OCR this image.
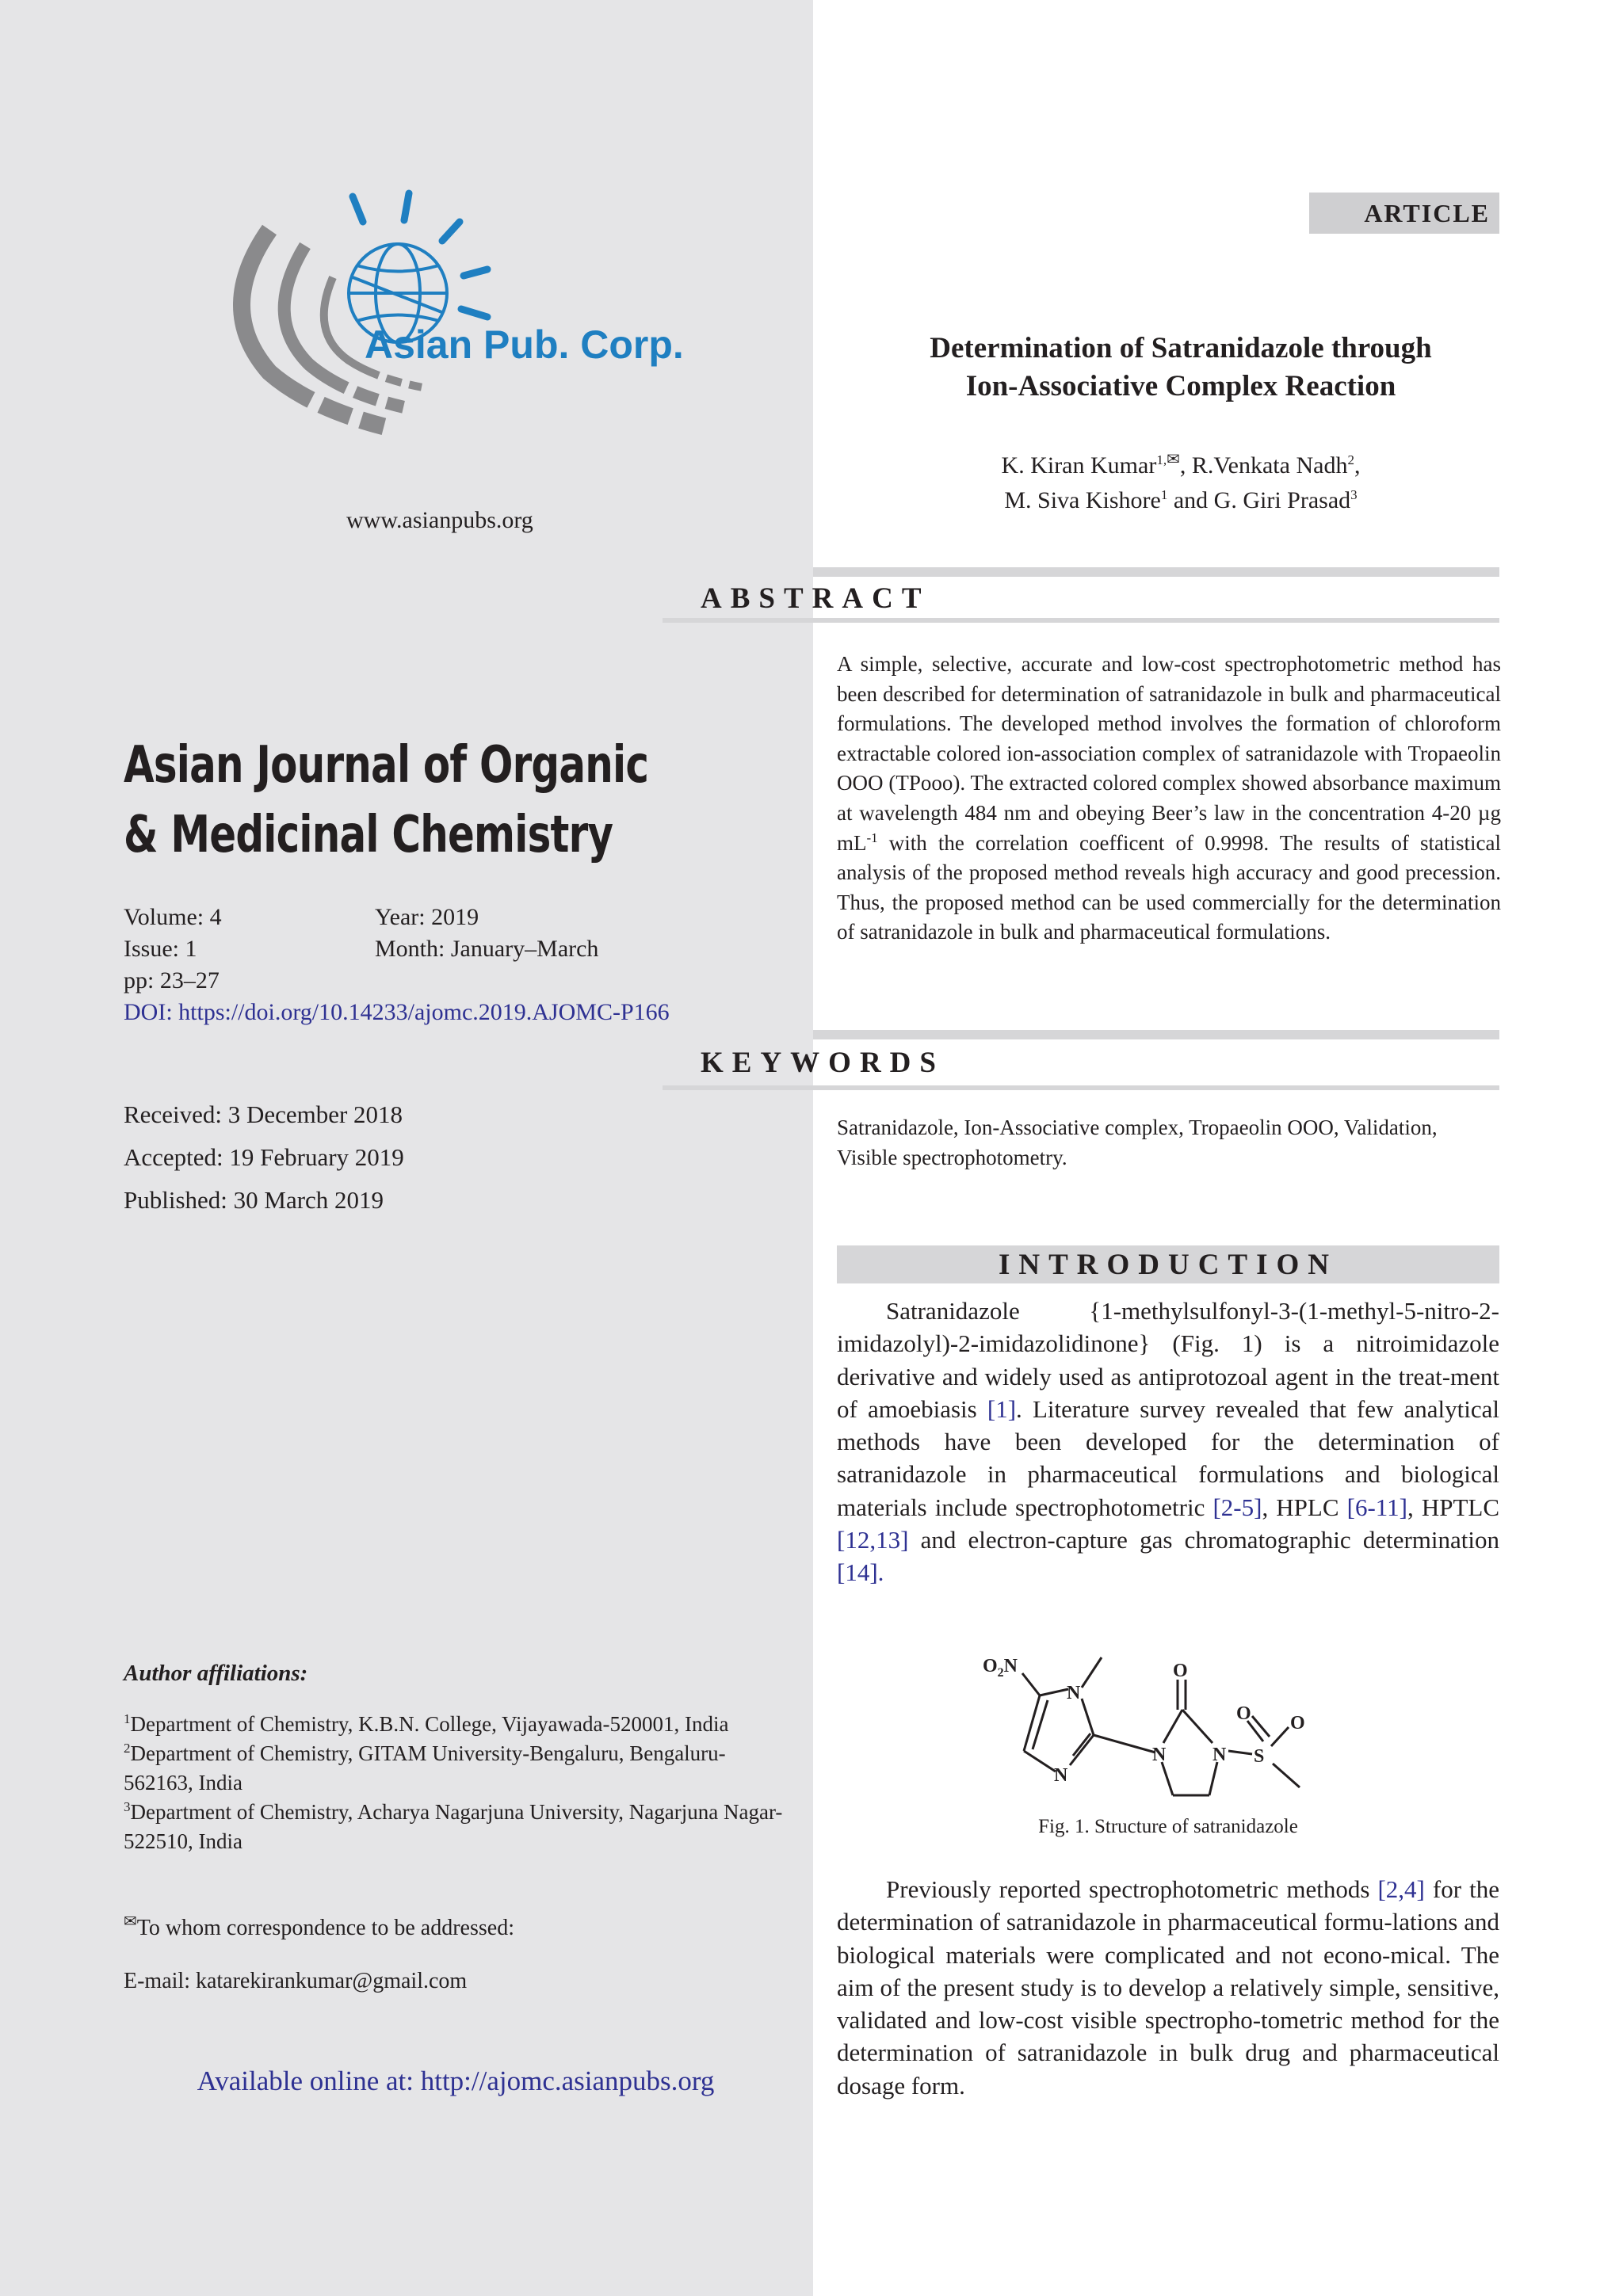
Asian Pub. Corp.
www.asianpubs.org
ARTICLE
Determination of Satranidazole through
Ion-Associative Complex Reaction
K. Kiran Kumar$^{1,✉}$, R.Venkata Nadh$^2$,
M. Siva Kishore$^1$ and G. Giri Prasad$^3$
ABSTRACT
A simple, selective, accurate and low-cost spectrophotometric method has been described for determination of satranidazole in bulk and pharmaceutical formulations. The developed method involves the formation of chloroform extractable colored ion-association complex of satranidazole with Tropaeolin OOO (TPooo). The extracted colored complex showed absorbance maximum at wavelength 484 nm and obeying Beer’s law in the concentration 4-20 µg $mL^{-1}$ with the correlation coefficent of 0.9998. The results of statistical analysis of the proposed method reveals high accuracy and good precession. Thus, the proposed method can be used commercially for the determination of satranidazole in bulk and pharmaceutical formulations.
Asian Journal of Organic
& Medicinal Chemistry
Volume: 4	Year: 2019
Issue: 1	Month: January–March
pp: 23–27
DOI: https://doi.org/10.14233/ajomc.2019.AJOMC-P166
KEYWORDS
Received: 3 December 2018
Accepted: 19 February 2019
Published: 30 March 2019
Satranidazole, Ion-Associative complex, Tropaeolin OOO, Validation, Visible spectrophotometry.
INTRODUCTION
Satranidazole {1-methylsulfonyl-3-(1-methyl-5-nitro-2-imidazolyl)-2-imidazolidinone} (Fig. 1) is a nitroimidazole derivative and widely used as antiprotozoal agent in the treat-ment of amoebiasis [1]. Literature survey revealed that few analytical methods have been developed for the determination of satranidazole in pharmaceutical formulations and biological materials include spectrophotometric [2-5], HPLC [6-11], HPTLC [12,13] and electron-capture gas chromatographic determination [14].
$O_2N$
N
N
O
N N
O
S
O
Fig. 1. Structure of satranidazole
Previously reported spectrophotometric methods [2,4] for the determination of satranidazole in pharmaceutical formu-lations and biological materials were complicated and not econo-mical. The aim of the present study is to develop a relatively simple, sensitive, validated and low-cost visible spectropho-tometric method for the determination of satranidazole in bulk drug and pharmaceutical dosage form.
Author affiliations:
$^1$Department of Chemistry, K.B.N. College, Vijayawada-520001, India
$^2$Department of Chemistry, GITAM University-Bengaluru, Bengaluru-562163, India
$^3$Department of Chemistry, Acharya Nagarjuna University, Nagarjuna Nagar-522510, India
✉To whom correspondence to be addressed:
E-mail: katarekirankumar@gmail.com
Available online at: http://ajomc.asianpubs.org
